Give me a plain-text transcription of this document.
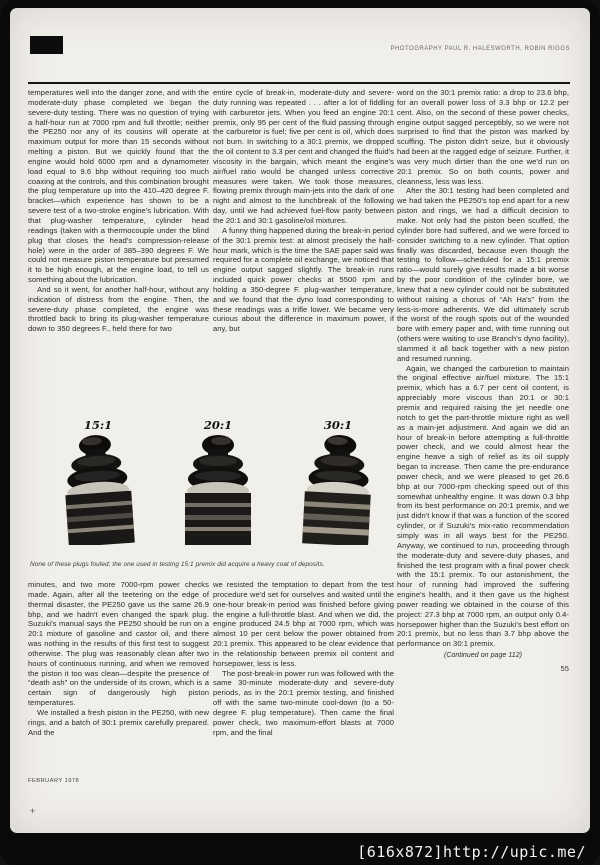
PHOTOGRAPHY PAUL R. HALESWORTH, ROBIN RIGGS

temperatures well into the danger zone, and with the moderate-duty phase completed we began the severe-duty testing. There was no question of trying a half-hour run at 7000 rpm and full throttle; neither the PE250 nor any of its cousins will operate at maximum output for more than 15 seconds without melting a piston. But we quickly found that the engine would hold 6000 rpm and a dynamometer load equal to 9.6 bhp without requiring too much coaxing at the controls, and this combination brought the plug temperature up into the 410–420 degree F. bracket—which experience has shown to be a severe test of a two-stroke engine's lubrication. With that plug-washer temperature, cylinder head readings (taken with a thermocouple under the blind plug that closes the head's compression-release hole) were in the order of 385–390 degrees F. We could not measure piston temperature but presumed it to be high enough, at the engine load, to tell us something about the lubrication.

And so it went, for another half-hour, without any indication of distress from the engine. Then, the severe-duty phase completed, the engine was throttled back to bring its plug-washer temperature down to 350 degrees F., held there for two

entire cycle of break-in, moderate-duty and severe-duty running was repeated . . . after a lot of fiddling with carburetor jets. When you feed an engine 20:1 premix, only 95 per cent of the fluid passing through the carburetor is fuel; five per cent is oil, which does not burn. In switching to a 30:1 premix, we dropped the oil content to 3.3 per cent and changed the fluid's viscosity in the bargain, which meant the engine's air/fuel ratio would be changed unless corrective measures were taken. We took those measures, flowing premix through main-jets into the dark of one night and almost to the lunchbreak of the following day, until we had achieved fuel-flow parity between the 20:1 and 30:1 gasoline/oil mixtures.

A funny thing happened during the break-in period of the 30:1 premix test: at almost precisely the half-hour mark, which is the time the SAE paper said was required for a complete oil exchange, we noticed that engine output sagged slightly. The break-in runs included quick power checks at 5500 rpm and holding a 350-degree F. plug-washer temperature, and we found that the dyno load corresponding to these readings was a trifle lower. We became very curious about the difference in maximum power, if any, but

word on the 30:1 premix ratio: a drop to 23.6 bhp, for an overall power loss of 3.3 bhp or 12.2 per cent. Also, on the second of these power checks, engine output sagged perceptibly, so we were not surprised to find that the piston was marked by scuffing. The piston didn't seize, but it obviously had been at the ragged edge of seizure. Further, it was very much dirtier than the one we'd run on 20:1 premix. So on both counts, power and cleanness, less was less.

After the 30:1 testing had been completed and we had taken the PE250's top end apart for a new piston and rings, we had a difficult decision to make. Not only had the piston been scuffed, the cylinder bore had suffered, and we were forced to consider switching to a new cylinder. That option finally was discarded, because even though the testing to follow—scheduled for a 15:1 premix ratio—would surely give results made a bit worse by the poor condition of the cylinder bore, we knew that a new cylinder could not be substituted without raising a chorus of “Ah Ha's” from the less-is-more adherents. We did ultimately scrub the worst of the rough spots out of the wounded bore with emery paper and, with time running out (others were waiting to use Branch's dyno facility), slammed it all back together with a new piston and resumed running.

Again, we changed the carburetion to maintain the original effective air/fuel mixture. The 15:1 premix, which has a 6.7 per cent oil content, is appreciably more viscous than 20:1 or 30:1 premix and required raising the jet needle one notch to get the part-throttle mixture right as well as a main-jet adjustment. And again we did an hour of break-in before attempting a full-throttle power check, and we could almost hear the engine heave a sigh of relief as its oil supply began to increase. Then came the pre-endurance power check, and we were pleased to get 26.6 bhp at our 7000-rpm checking speed out of this somewhat unhealthy engine. It was down 0.3 bhp from its best performance on 20:1 premix, and we just didn't know if that was a function of the scored cylinder, or if Suzuki's mix-ratio recommendation simply was in all ways best for the PE250. Anyway, we continued to run, proceeding through the moderate-duty and severe-duty phases, and finished the test program with a final power check with the 15:1 premix. To our astonishment, the hour of running had improved the suffering engine's health, and it then gave us the highest power reading we obtained in the course of this project: 27.3 bhp at 7000 rpm, an output only 0.4-horsepower higher than the Suzuki's best effort on 20:1 premix, but no less than 3.7 bhp above the performance on 30:1 premix.

(Continued on page 112)

55

15:1	20:1	30:1
None of these plugs fouled; the one used in testing 15:1 premix did acquire a heavy coat of deposits.

minutes, and two more 7000-rpm power checks made. Again, after all the teetering on the edge of thermal disaster, the PE250 gave us the same 26.9 bhp, and we hadn't even changed the spark plug. Suzuki's manual says the PE250 should be run on a 20:1 mixture of gasoline and castor oil, and there was nothing in the results of this first test to suggest otherwise. The plug was reasonably clean after two hours of continuous running, and when we removed the piston it too was clean—despite the presence of “death ash” on the underside of its crown, which is a certain sign of dangerously high piston temperatures.

We installed a fresh piston in the PE250, with new rings, and a batch of 30:1 premix carefully prepared. And the

we resisted the temptation to depart from the test procedure we'd set for ourselves and waited until the one-hour break-in period was finished before giving the engine a full-throttle blast. And when we did, the engine produced 24.5 bhp at 7000 rpm, which was almost 10 per cent below the power obtained from 20:1 premix. This appeared to be clear evidence that in the relationship between premix oil content and horsepower, less is less.

The post-break-in power run was followed with the same 30-minute moderate-duty and severe-duty periods, as in the 20:1 premix testing, and finished off with the same two-minute cool-down (to a 50-degree F. plug temperature). Then came the final power check, two maximum-effort blasts at 7000 rpm, and the final

FEBRUARY 1978
+
[616x872]http://upic.me/
